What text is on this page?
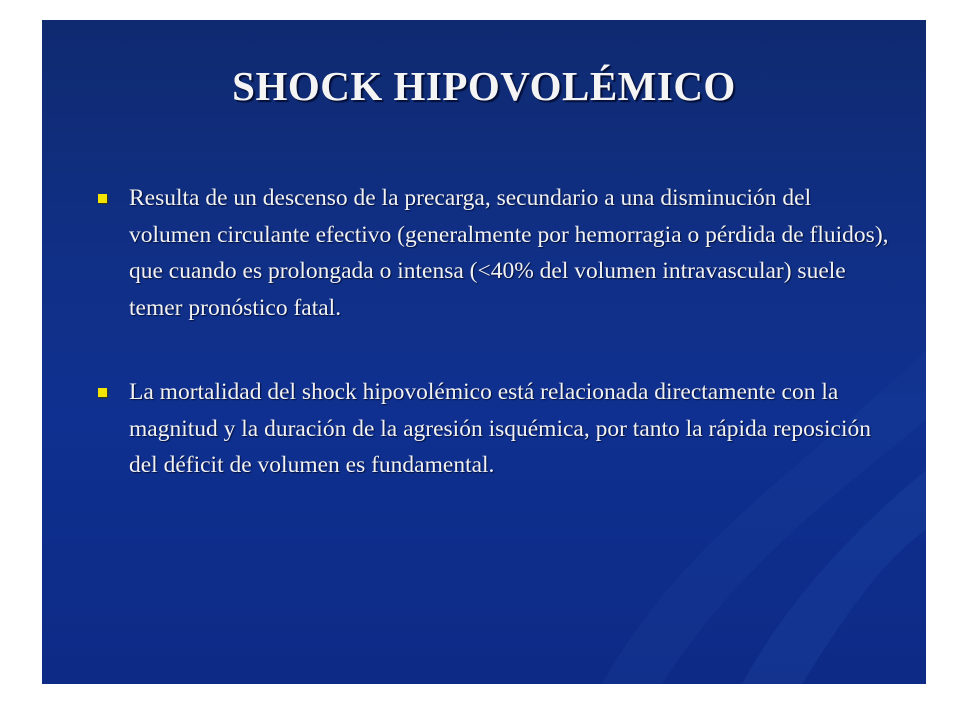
SHOCK HIPOVOLÉMICO
Resulta de un descenso de la precarga, secundario a una disminución del volumen circulante efectivo (generalmente por hemorragia o pérdida de fluidos), que cuando es prolongada o intensa (<40% del volumen intravascular) suele temer pronóstico fatal.
La mortalidad del shock hipovolémico está relacionada directamente con la magnitud y la duración de la agresión isquémica, por tanto la rápida reposición del déficit de volumen es fundamental.
